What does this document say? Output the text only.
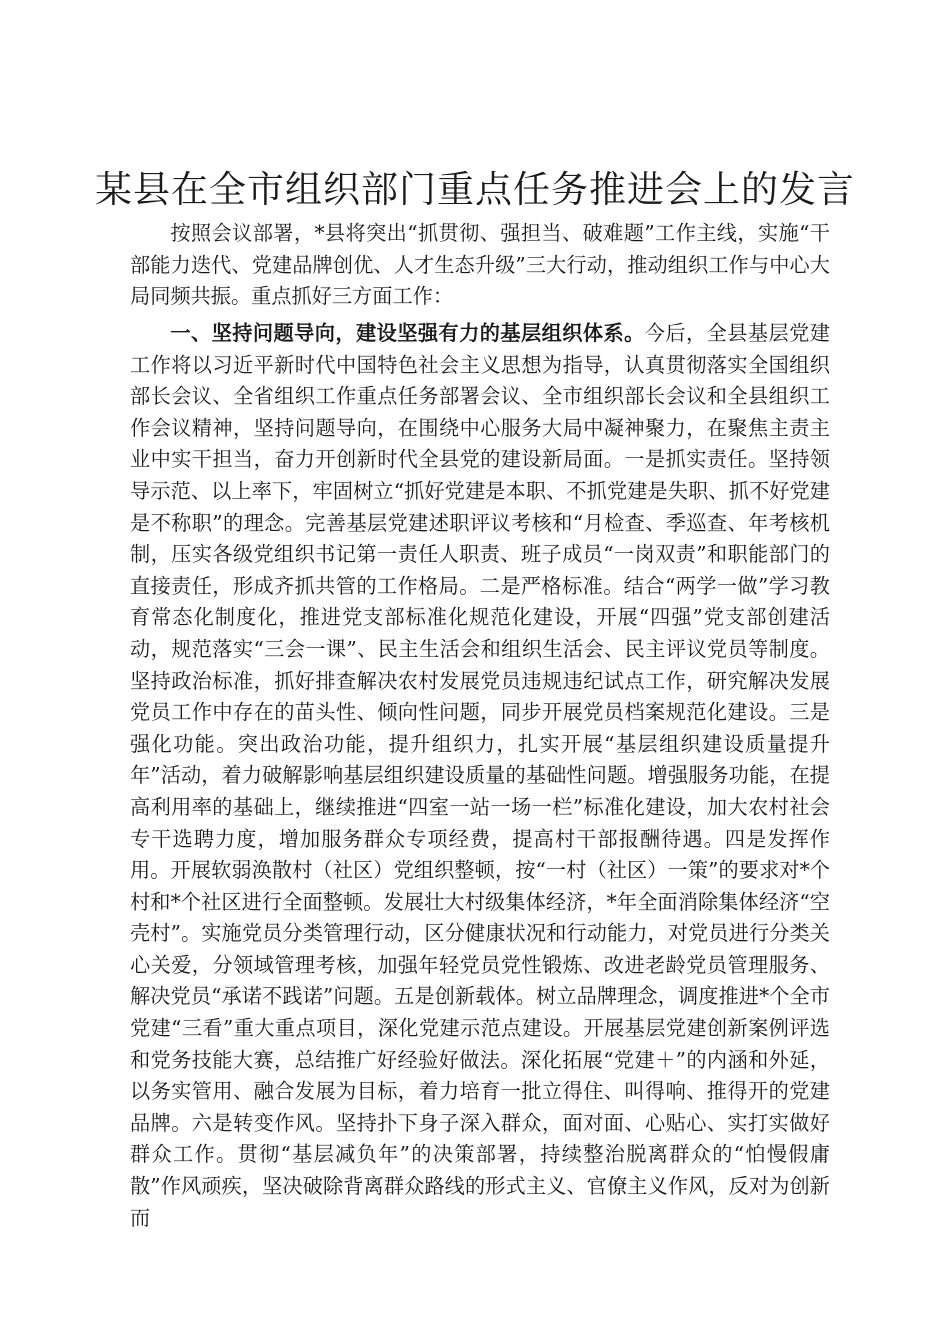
某县在全市组织部门重点任务推进会上的发言

按照会议部署，*县将突出“抓贯彻、强担当、破难题”工作主线，实施“干部能力迭代、党建品牌创优、人才生态升级”三大行动，推动组织工作与中心大局同频共振。重点抓好三方面工作：

一、坚持问题导向，建设坚强有力的基层组织体系。今后，全县基层党建工作将以习近平新时代中国特色社会主义思想为指导，认真贯彻落实全国组织部长会议、全省组织工作重点任务部署会议、全市组织部长会议和全县组织工作会议精神，坚持问题导向，在围绕中心服务大局中凝神聚力，在聚焦主责主业中实干担当，奋力开创新时代全县党的建设新局面。一是抓实责任。坚持领导示范、以上率下，牢固树立“抓好党建是本职、不抓党建是失职、抓不好党建是不称职”的理念。完善基层党建述职评议考核和“月检查、季巡查、年考核机制，压实各级党组织书记第一责任人职责、班子成员“一岗双责”和职能部门的直接责任，形成齐抓共管的工作格局。二是严格标准。结合“两学一做”学习教育常态化制度化，推进党支部标准化规范化建设，开展“四强”党支部创建活动，规范落实“三会一课”、民主生活会和组织生活会、民主评议党员等制度。坚持政治标准，抓好排查解决农村发展党员违规违纪试点工作，研究解决发展党员工作中存在的苗头性、倾向性问题，同步开展党员档案规范化建设。三是强化功能。突出政治功能，提升组织力，扎实开展“基层组织建设质量提升年”活动，着力破解影响基层组织建设质量的基础性问题。增强服务功能，在提高利用率的基础上，继续推进“四室一站一场一栏”标准化建设，加大农村社会专干选聘力度，增加服务群众专项经费，提高村干部报酬待遇。四是发挥作用。开展软弱涣散村（社区）党组织整顿，按“一村（社区）一策”的要求对*个村和*个社区进行全面整顿。发展壮大村级集体经济，*年全面消除集体经济“空壳村”。实施党员分类管理行动，区分健康状况和行动能力，对党员进行分类关心关爱，分领域管理考核，加强年轻党员党性锻炼、改进老龄党员管理服务、解决党员“承诺不践诺”问题。五是创新载体。树立品牌理念，调度推进*个全市党建“三看”重大重点项目，深化党建示范点建设。开展基层党建创新案例评选和党务技能大赛，总结推广好经验好做法。深化拓展“党建＋”的内涵和外延，以务实管用、融合发展为目标，着力培育一批立得住、叫得响、推得开的党建品牌。六是转变作风。坚持扑下身子深入群众，面对面、心贴心、实打实做好群众工作。贯彻“基层减负年”的决策部署，持续整治脱离群众的“怕慢假庸散”作风顽疾，坚决破除背离群众路线的形式主义、官僚主义作风，反对为创新而
